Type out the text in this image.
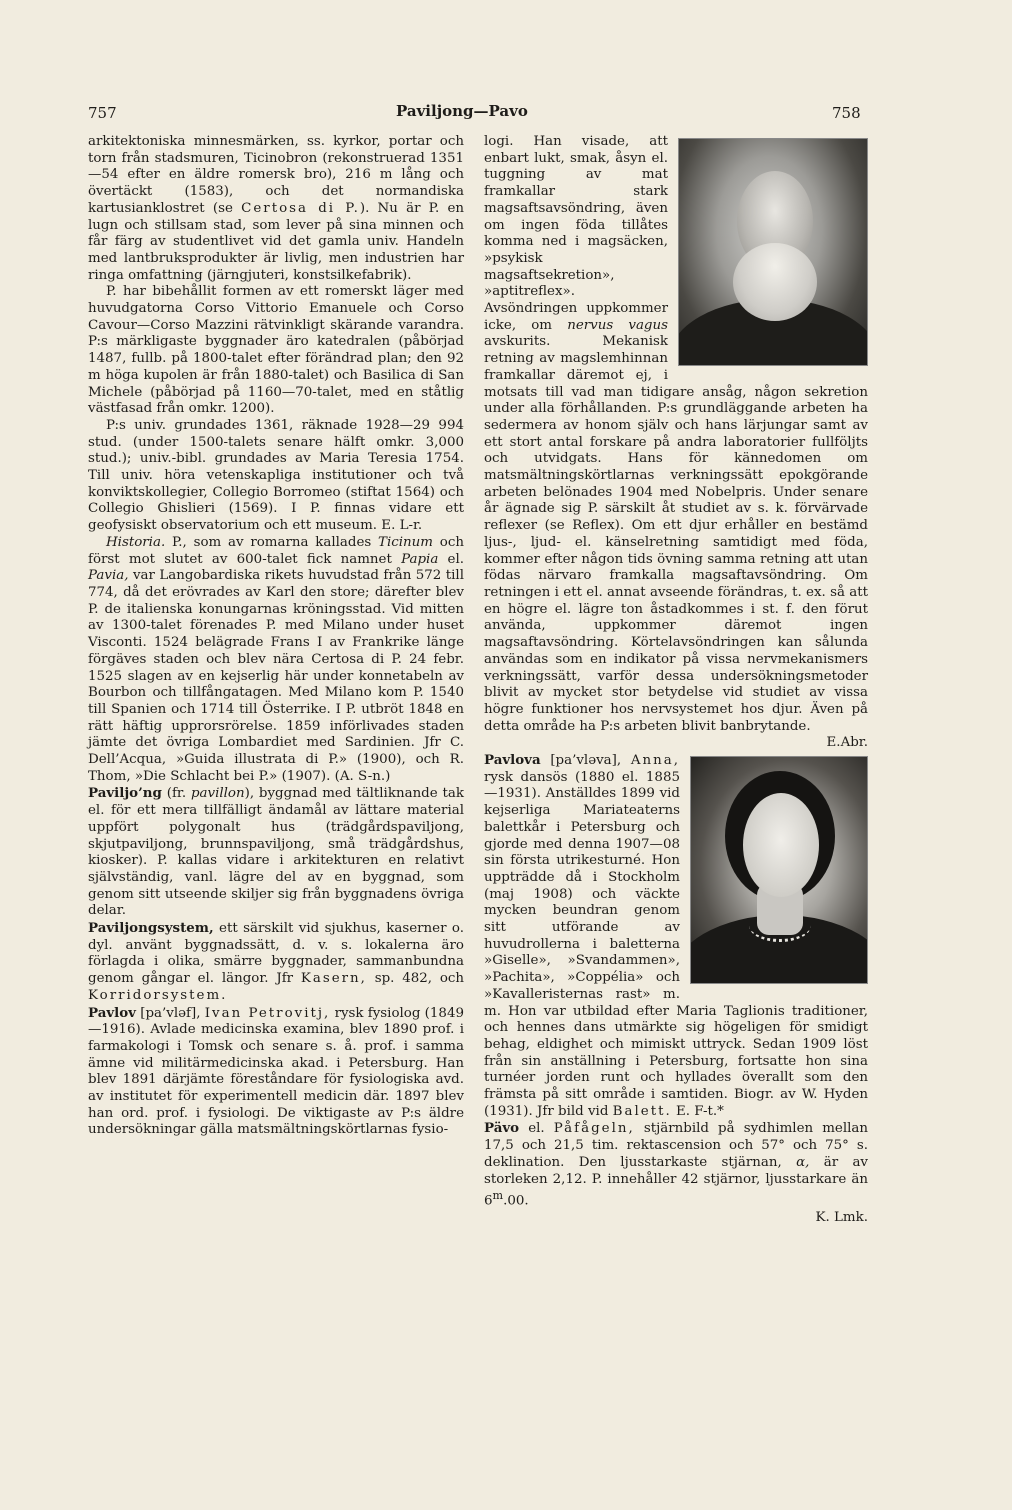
757	Paviljong—Pavo	758

arkitektoniska minnesmärken, ss. kyrkor, portar och torn från stadsmuren, Ticinobron (rekonstruerad 1351—54 efter en äldre romersk bro), 216 m lång och övertäckt (1583), och det normandiska kartusianklostret (se Certosa di P.). Nu är P. en lugn och stillsam stad, som lever på sina minnen och får färg av studentlivet vid det gamla univ. Handeln med lantbruksprodukter är livlig, men industrien har ringa omfattning (järngjuteri, konstsilkefabrik).

P. har bibehållit formen av ett romerskt läger med huvudgatorna Corso Vittorio Emanuele och Corso Cavour—Corso Mazzini rätvinkligt skärande varandra. P:s märkligaste byggnader äro katedralen (påbörjad 1487, fullb. på 1800-talet efter förändrad plan; den 92 m höga kupolen är från 1880-talet) och Basilica di San Michele (påbörjad på 1160—70-talet, med en ståtlig västfasad från omkr. 1200).

P:s univ. grundades 1361, räknade 1928—29 994 stud. (under 1500-talets senare hälft omkr. 3,000 stud.); univ.-bibl. grundades av Maria Teresia 1754. Till univ. höra vetenskapliga institutioner och två konviktskollegier, Collegio Borromeo (stiftat 1564) och Collegio Ghislieri (1569). I P. finnas vidare ett geofysiskt observatorium och ett museum. E. L-r.

Historia. P., som av romarna kallades Ticinum och först mot slutet av 600-talet fick namnet Papia el. Pavia, var Langobardiska rikets huvudstad från 572 till 774, då det erövrades av Karl den store; därefter blev P. de italienska konungarnas kröningsstad. Vid mitten av 1300-talet förenades P. med Milano under huset Visconti. 1524 belägrade Frans I av Frankrike länge förgäves staden och blev nära Certosa di P. 24 febr. 1525 slagen av en kejserlig här under konnetabeln av Bourbon och tillfångatagen. Med Milano kom P. 1540 till Spanien och 1714 till Österrike. I P. utbröt 1848 en rätt häftig upprorsrörelse. 1859 införlivades staden jämte det övriga Lombardiet med Sardinien. Jfr C. Dell’Acqua, »Guida illustrata di P.» (1900), och R. Thom, »Die Schlacht bei P.» (1907). (A. S-n.)

Paviljo’ng (fr. pavillon), byggnad med tältliknande tak el. för ett mera tillfälligt ändamål av lättare material uppfört polygonalt hus (trädgårdspaviljong, skjutpaviljong, brunnspaviljong, små trädgårdshus, kiosker). P. kallas vidare i arkitekturen en relativt självständig, vanl. lägre del av en byggnad, som genom sitt utseende skiljer sig från byggnadens övriga delar.

Paviljongsystem, ett särskilt vid sjukhus, kaserner o. dyl. använt byggnadssätt, d. v. s. lokalerna äro förlagda i olika, smärre byggnader, sammanbundna genom gångar el. längor. Jfr Kasern, sp. 482, och Korridorsystem.

Pavlov [pa’vləf], Ivan Petrovitj, rysk fysiolog (1849—1916). Avlade medicinska examina, blev 1890 prof. i farmakologi i Tomsk och senare s. å. prof. i samma ämne vid militärmedicinska akad. i Petersburg. Han blev 1891 därjämte föreståndare för fysiologiska avd. av institutet för experimentell medicin där. 1897 blev han ord. prof. i fysiologi. De viktigaste av P:s äldre undersökningar gälla matsmältningskörtlarnas fysio-

logi. Han visade, att enbart lukt, smak, åsyn el. tuggning av mat framkallar stark magsaftsavsöndring, även om ingen föda tillåtes komma ned i magsäcken, »psykisk magsaftsekretion», »aptitreflex». Avsöndringen uppkommer icke, om nervus vagus avskurits. Mekanisk retning av magslemhinnan framkallar däremot ej, i motsats till vad man tidigare ansåg, någon sekretion under alla förhållanden. P:s grundläggande arbeten ha sedermera av honom själv och hans lärjungar samt av ett stort antal forskare på andra laboratorier fullföljts och utvidgats. Hans för kännedomen om matsmältningskörtlarnas verkningssätt epokgörande arbeten belönades 1904 med Nobelpris. Under senare år ägnade sig P. särskilt åt studiet av s. k. förvärvade reflexer (se Reflex). Om ett djur erhåller en bestämd ljus-, ljud- el. känselretning samtidigt med föda, kommer efter någon tids övning samma retning att utan födas närvaro framkalla magsaftavsöndring. Om retningen i ett el. annat avseende förändras, t. ex. så att en högre el. lägre ton åstadkommes i st. f. den förut använda, uppkommer däremot ingen magsaftavsöndring. Körtelavsöndringen kan sålunda användas som en indikator på vissa nervmekanismers verkningssätt, varför dessa undersökningsmetoder blivit av mycket stor betydelse vid studiet av vissa högre funktioner hos nervsystemet hos djur. Även på detta område ha P:s arbeten blivit banbrytande.

E.Abr.

Pavlova [pa’vləva], Anna, rysk dansös (1880 el. 1885—1931). Anställdes 1899 vid kejserliga Mariateaterns balettkår i Petersburg och gjorde med denna 1907—08 sin första utrikesturné. Hon uppträdde då i Stockholm (maj 1908) och väckte mycken beundran genom sitt utförande av huvudrollerna i baletterna »Giselle», »Svandammen», »Pachita», »Coppélia» och »Kavalleristernas rast» m. m. Hon var utbildad efter Maria Taglionis traditioner, och hennes dans utmärkte sig högeligen för smidigt behag, eldighet och mimiskt uttryck. Sedan 1909 löst från sin anställning i Petersburg, fortsatte hon sina turnéer jorden runt och hyllades överallt som den främsta på sitt område i samtiden. Biogr. av W. Hyden (1931). Jfr bild vid Balett. E. F-t.*

Pävo el. Påfågeln, stjärnbild på sydhimlen mellan 17,5 och 21,5 tim. rektascension och 57° och 75° s. deklination. Den ljusstarkaste stjärnan, α, är av storleken 2,12. P. innehåller 42 stjärnor, ljusstarkare än 6$^m$.00.

K. Lmk.
